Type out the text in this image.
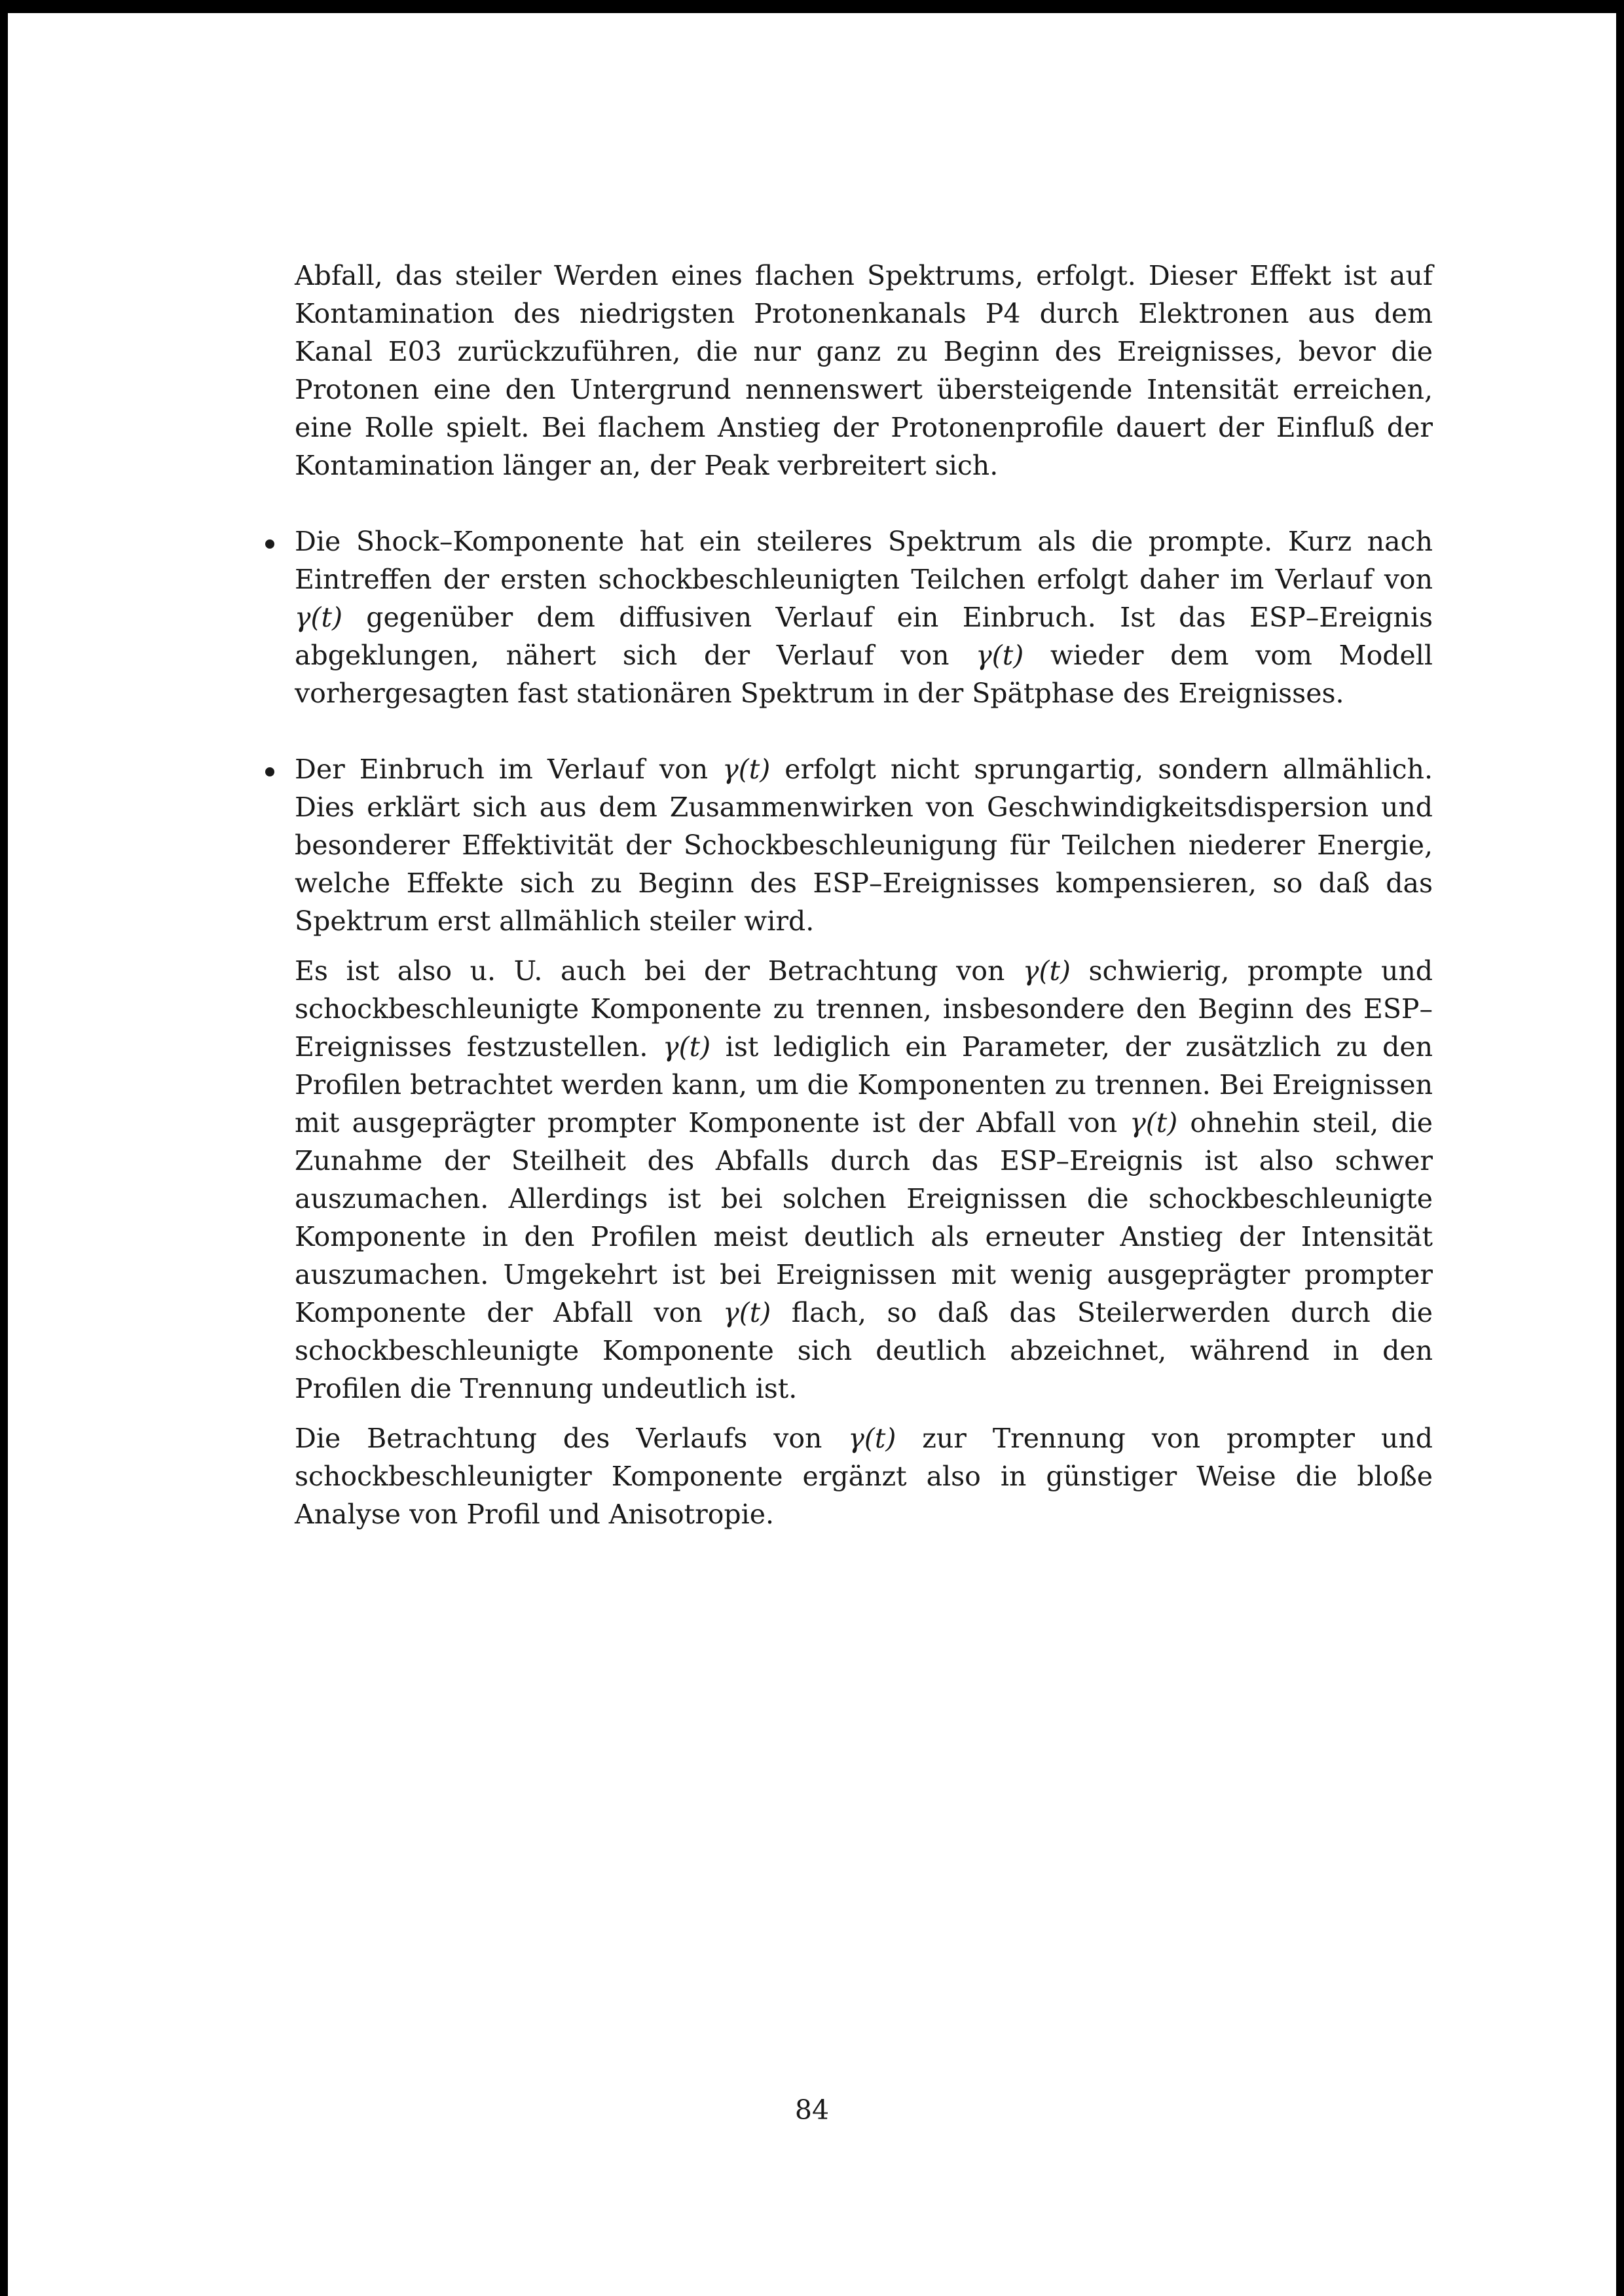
Abfall, das steiler Werden eines flachen Spektrums, erfolgt. Dieser Effekt ist auf Kontamination des niedrigsten Protonenkanals P4 durch Elektronen aus dem Kanal E03 zurückzuführen, die nur ganz zu Beginn des Ereignisses, bevor die Protonen eine den Untergrund nennenswert übersteigende Intensität erreichen, eine Rolle spielt. Bei flachem Anstieg der Protonenprofile dauert der Einfluß der Kontamination länger an, der Peak verbreitert sich.

Die Shock–Komponente hat ein steileres Spektrum als die prompte. Kurz nach Eintreffen der ersten schockbeschleunigten Teilchen erfolgt daher im Verlauf von γ(t) gegenüber dem diffusiven Verlauf ein Einbruch. Ist das ESP–Ereignis abgeklungen, nähert sich der Verlauf von γ(t) wieder dem vom Modell vorhergesagten fast stationären Spektrum in der Spätphase des Ereignisses.
Der Einbruch im Verlauf von γ(t) erfolgt nicht sprungartig, sondern allmählich. Dies erklärt sich aus dem Zusammenwirken von Geschwindigkeitsdispersion und besonderer Effektivität der Schockbeschleunigung für Teilchen niederer Energie, welche Effekte sich zu Beginn des ESP–Ereignisses kompensieren, so daß das Spektrum erst allmählich steiler wird.

Es ist also u. U. auch bei der Betrachtung von γ(t) schwierig, prompte und schockbeschleunigte Komponente zu trennen, insbesondere den Beginn des ESP–Ereignisses festzustellen. γ(t) ist lediglich ein Parameter, der zusätzlich zu den Profilen betrachtet werden kann, um die Komponenten zu trennen. Bei Ereignissen mit ausgeprägter prompter Komponente ist der Abfall von γ(t) ohnehin steil, die Zunahme der Steilheit des Abfalls durch das ESP–Ereignis ist also schwer auszumachen. Allerdings ist bei solchen Ereignissen die schockbeschleunigte Komponente in den Profilen meist deutlich als erneuter Anstieg der Intensität auszumachen. Umgekehrt ist bei Ereignissen mit wenig ausgeprägter prompter Komponente der Abfall von γ(t) flach, so daß das Steilerwerden durch die schockbeschleunigte Komponente sich deutlich abzeichnet, während in den Profilen die Trennung undeutlich ist.

Die Betrachtung des Verlaufs von γ(t) zur Trennung von prompter und schockbeschleunigter Komponente ergänzt also in günstiger Weise die bloße Analyse von Profil und Anisotropie.

84
